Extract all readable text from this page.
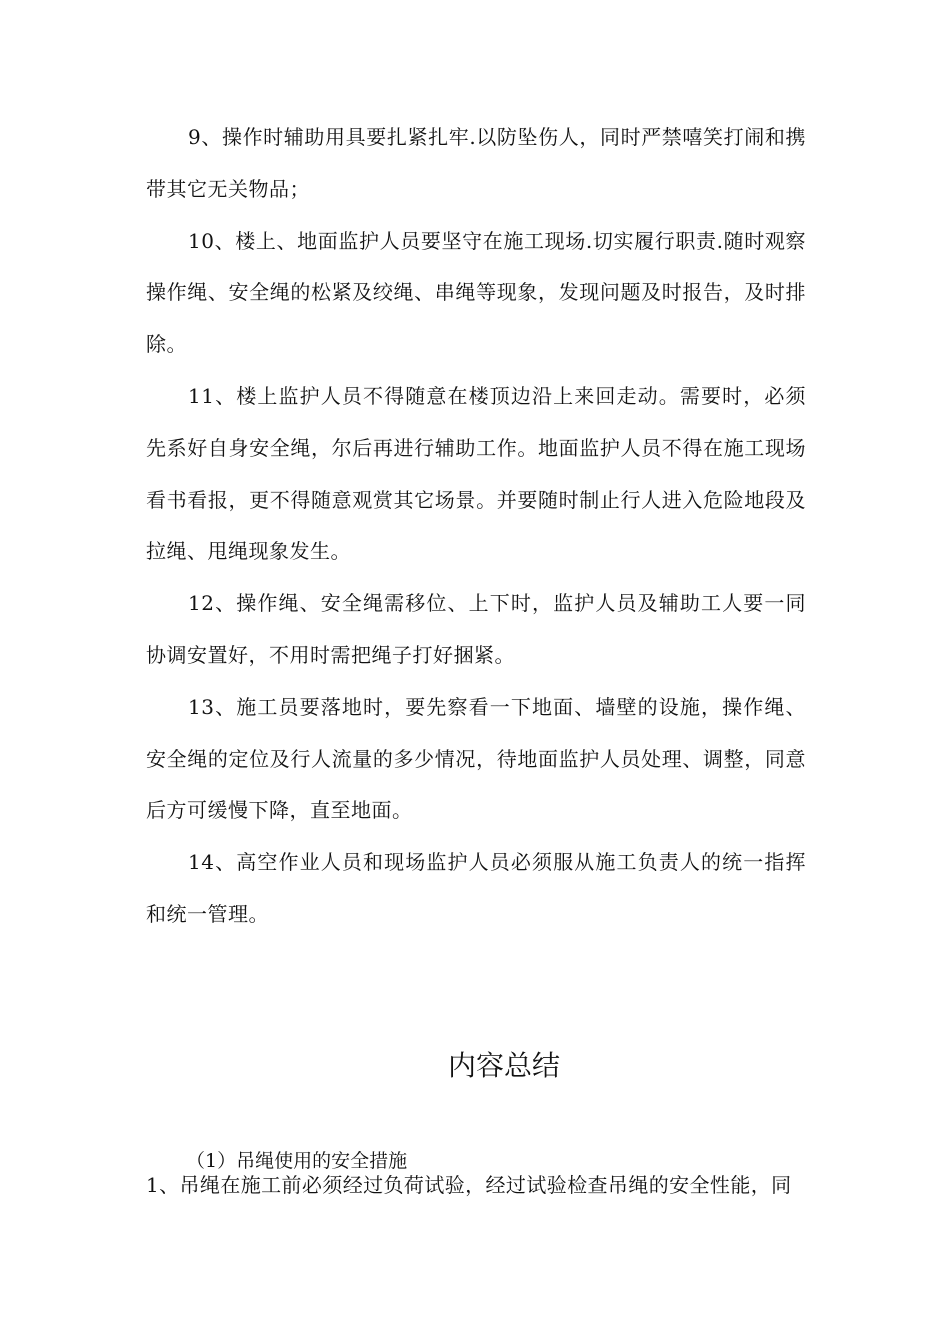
9、操作时辅助用具要扎紧扎牢.以防坠伤人，同时严禁嘻笑打闹和携带其它无关物品；

10、楼上、地面监护人员要坚守在施工现场.切实履行职责.随时观察操作绳、安全绳的松紧及绞绳、串绳等现象，发现问题及时报告，及时排除。

11、楼上监护人员不得随意在楼顶边沿上来回走动。需要时，必须先系好自身安全绳，尔后再进行辅助工作。地面监护人员不得在施工现场看书看报，更不得随意观赏其它场景。并要随时制止行人进入危险地段及拉绳、甩绳现象发生。

12、操作绳、安全绳需移位、上下时，监护人员及辅助工人要一同协调安置好，不用时需把绳子打好捆紧。

13、施工员要落地时，要先察看一下地面、墙壁的设施，操作绳、安全绳的定位及行人流量的多少情况，待地面监护人员处理、调整，同意后方可缓慢下降，直至地面。

14、高空作业人员和现场监护人员必须服从施工负责人的统一指挥和统一管理。

内容总结
（1）吊绳使用的安全措施
1、吊绳在施工前必须经过负荷试验，经过试验检查吊绳的安全性能，同
